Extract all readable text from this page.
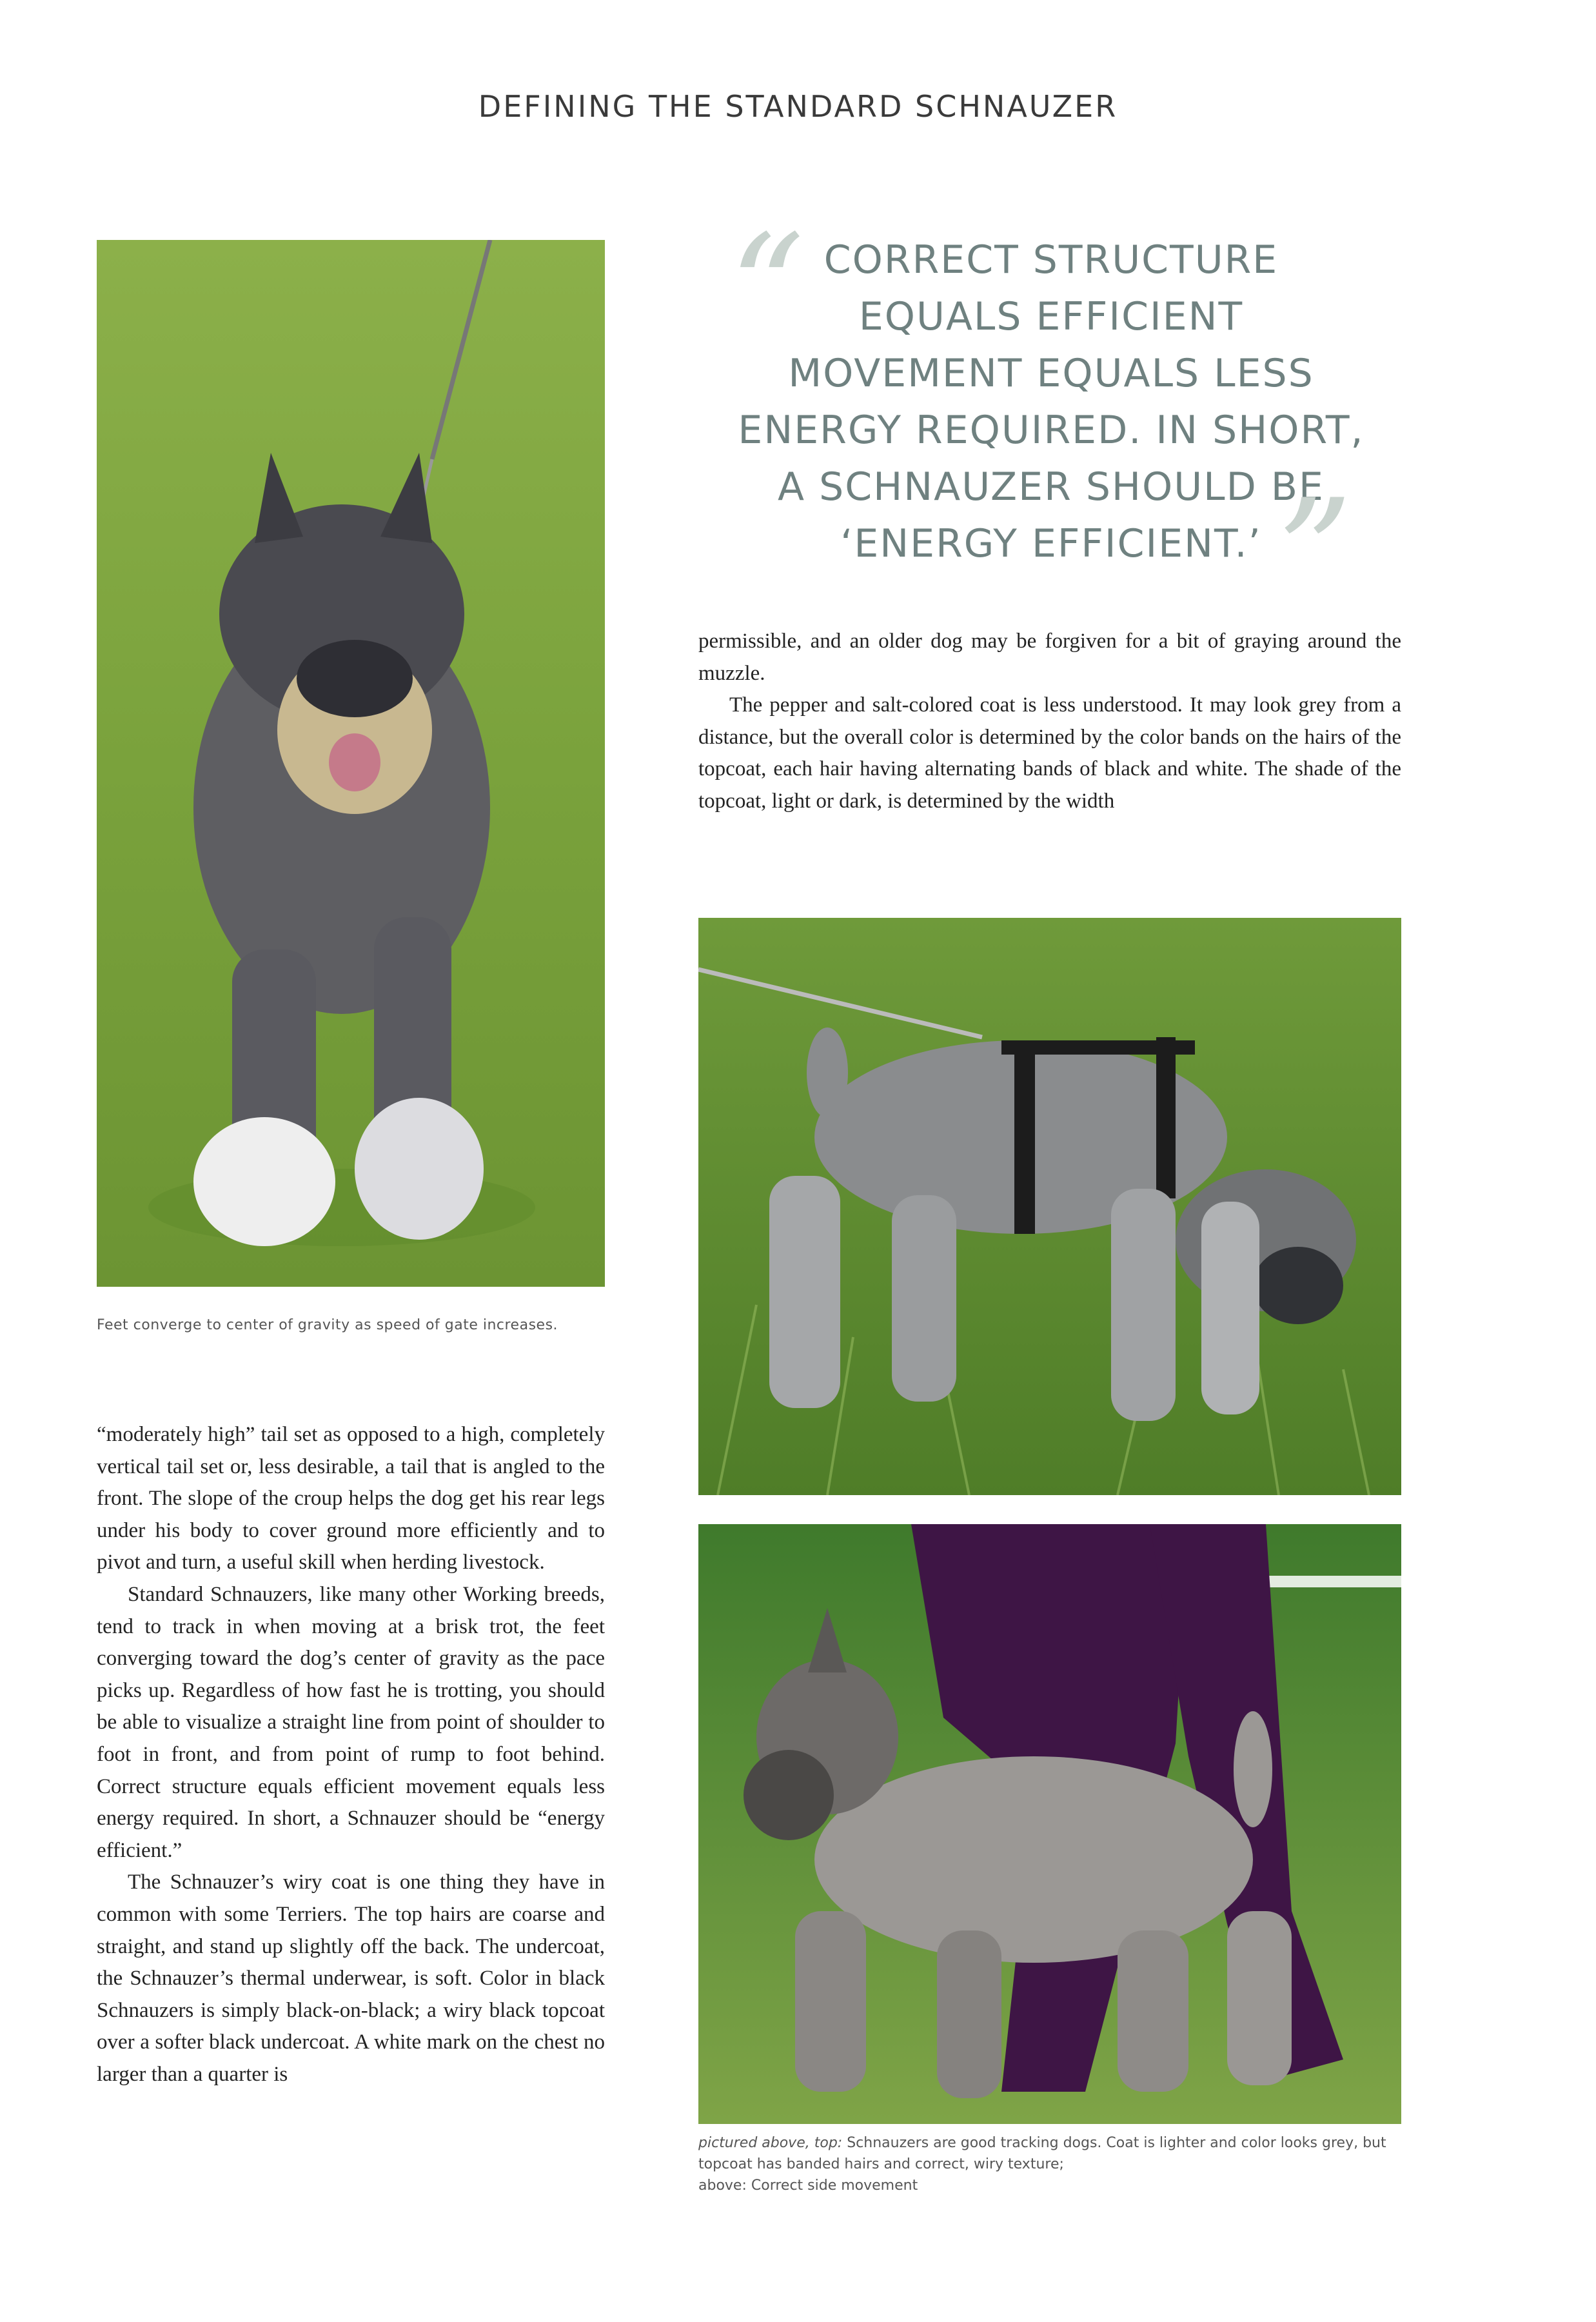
DEFINING THE STANDARD SCHNAUZER
“ CORRECT STRUCTURE
EQUALS EFFICIENT
MOVEMENT EQUALS LESS
ENERGY REQUIRED. IN SHORT,
A SCHNAUZER SHOULD BE
‘ENERGY EFFICIENT.’ ”

permissible, and an older dog may be forgiven for a bit of graying around the muzzle.

The pepper and salt-colored coat is less understood. It may look grey from a distance, but the overall color is determined by the color bands on the hairs of the topcoat, each hair having alternating bands of black and white. The shade of the topcoat, light or dark, is determined by the width

Feet converge to center of gravity as speed of gate increases.

“moderately high” tail set as opposed to a high, completely vertical tail set or, less desirable, a tail that is angled to the front. The slope of the croup helps the dog get his rear legs under his body to cover ground more efficiently and to pivot and turn, a useful skill when herding livestock.

Standard Schnauzers, like many other Working breeds, tend to track in when moving at a brisk trot, the feet converging toward the dog’s center of gravity as the pace picks up. Regardless of how fast he is trotting, you should be able to visualize a straight line from point of shoulder to foot in front, and from point of rump to foot behind. Correct structure equals efficient movement equals less energy required. In short, a Schnauzer should be “energy efficient.”

The Schnauzer’s wiry coat is one thing they have in common with some Terriers. The top hairs are coarse and straight, and stand up slightly off the back. The undercoat, the Schnauzer’s thermal underwear, is soft. Color in black Schnauzers is simply black-on-black; a wiry black topcoat over a softer black undercoat. A white mark on the chest no larger than a quarter is

pictured above, top: Schnauzers are good tracking dogs. Coat is lighter and color looks grey, but topcoat has banded hairs and correct, wiry texture;
above: Correct side movement
